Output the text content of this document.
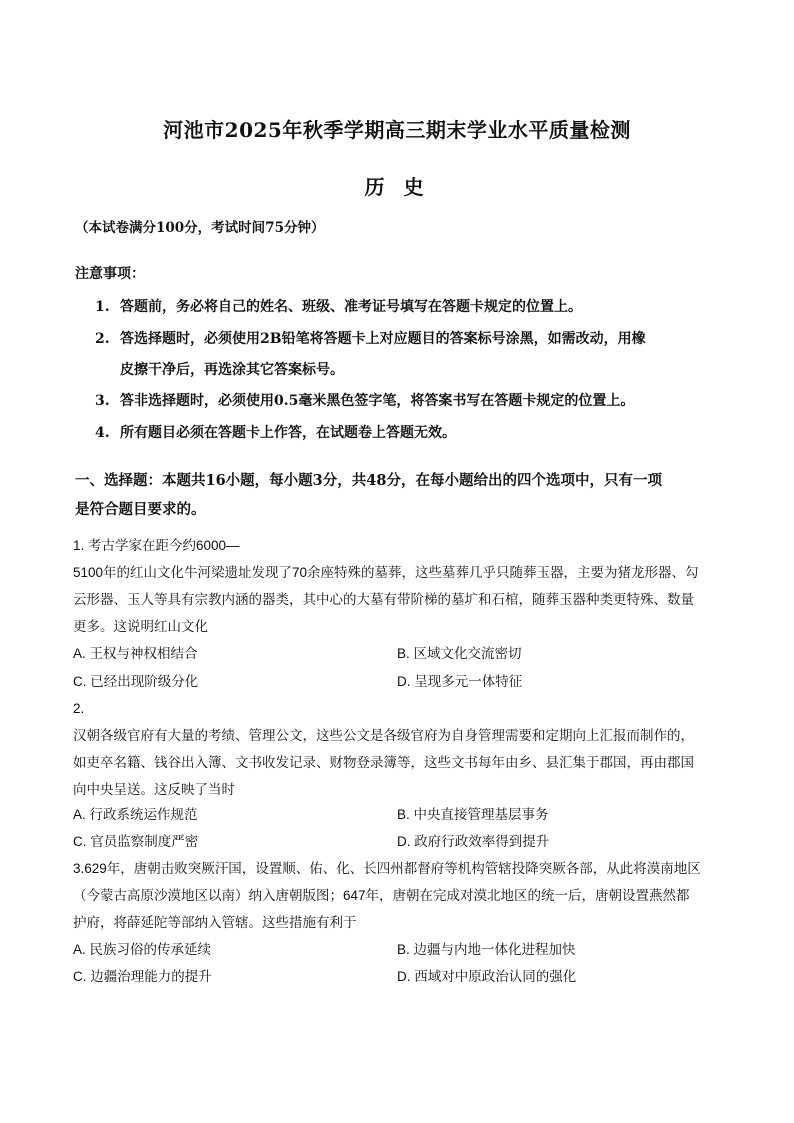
河池市2025年秋季学期高三期末学业水平质量检测
历 史
（本试卷满分100分，考试时间75分钟）
注意事项：
1. 答题前，务必将自己的姓名、班级、准考证号填写在答题卡规定的位置上。
2. 答选择题时，必须使用2B铅笔将答题卡上对应题目的答案标号涂黑，如需改动，用橡
皮擦干净后，再选涂其它答案标号。
3. 答非选择题时，必须使用0.5毫米黑色签字笔，将答案书写在答题卡规定的位置上。
4. 所有题目必须在答题卡上作答，在试题卷上答题无效。
一、选择题：本题共16小题，每小题3分，共48分，在每小题给出的四个选项中，只有一项
是符合题目要求的。
1. 考古学家在距今约6000—
5100年的红山文化牛河梁遗址发现了70余座特殊的墓葬，这些墓葬几乎只随葬玉器，主要为猪龙形器、勾
云形器、玉人等具有宗教内涵的器类，其中心的大墓有带阶梯的墓圹和石棺，随葬玉器种类更特殊、数量
更多。这说明红山文化
A. 王权与神权相结合	B. 区域文化交流密切
C. 已经出现阶级分化	D. 呈现多元一体特征
2.
汉朝各级官府有大量的考绩、管理公文，这些公文是各级官府为自身管理需要和定期向上汇报而制作的，
如吏卒名籍、钱谷出入簿、文书收发记录、财物登录簿等，这些文书每年由乡、县汇集于郡国，再由郡国
向中央呈送。这反映了当时
A. 行政系统运作规范	B. 中央直接管理基层事务
C. 官员监察制度严密	D. 政府行政效率得到提升
3.629年，唐朝击败突厥汗国，设置顺、佑、化、长四州都督府等机构管辖投降突厥各部，从此将漠南地区
（今蒙古高原沙漠地区以南）纳入唐朝版图；647年，唐朝在完成对漠北地区的统一后，唐朝设置燕然都
护府，将薛延陀等部纳入管辖。这些措施有利于
A. 民族习俗的传承延续	B. 边疆与内地一体化进程加快
C. 边疆治理能力的提升	D. 西域对中原政治认同的强化
